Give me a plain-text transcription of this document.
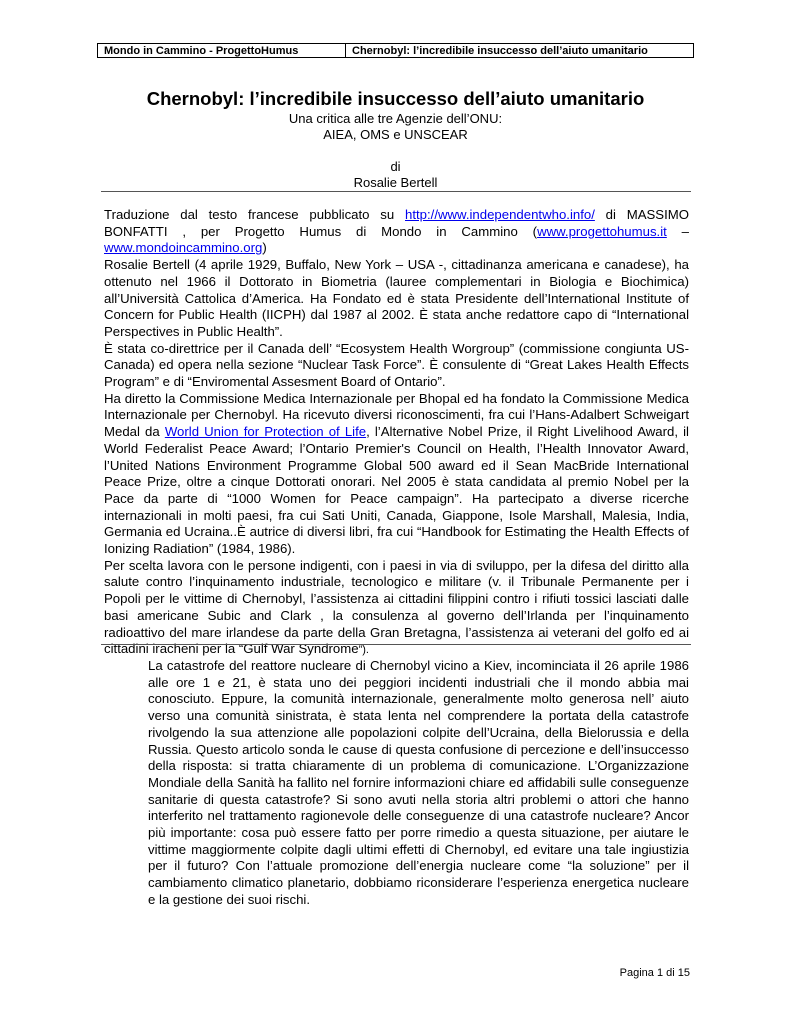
Mondo in Cammino - ProgettoHumus	Chernobyl: l’incredibile insuccesso dell’aiuto umanitario
Chernobyl: l’incredibile insuccesso dell’aiuto umanitario
Una critica alle tre Agenzie dell’ONU:
AIEA, OMS e UNSCEAR
di
Rosalie Bertell

Traduzione dal testo francese pubblicato su http://www.independentwho.info/ di MASSIMO BONFATTI , per Progetto Humus di Mondo in Cammino (www.progettohumus.it – www.mondoincammino.org)

Rosalie Bertell (4 aprile 1929, Buffalo, New York – USA -, cittadinanza americana e canadese), ha ottenuto nel 1966 il Dottorato in Biometria (lauree complementari in Biologia e Biochimica) all’Università Cattolica d’America. Ha Fondato ed è stata Presidente dell’International Institute of Concern for Public Health (IICPH) dal 1987 al 2002. È stata anche redattore capo di “International Perspectives in Public Health”.

È stata co-direttrice per il Canada dell’ “Ecosystem Health Worgroup” (commissione congiunta US-Canada) ed opera nella sezione “Nuclear Task Force”. È consulente di “Great Lakes Health Effects Program” e di “Enviromental Assesment Board of Ontario”.

Ha diretto la Commissione Medica Internazionale per Bhopal ed ha fondato la Commissione Medica Internazionale per Chernobyl. Ha ricevuto diversi riconoscimenti, fra cui l’Hans-Adalbert Schweigart Medal da World Union for Protection of Life, l’Alternative Nobel Prize, il Right Livelihood Award, il World Federalist Peace Award; l’Ontario Premier's Council on Health, l’Health Innovator Award, l’United Nations Environment Programme Global 500 award ed il Sean MacBride International Peace Prize, oltre a cinque Dottorati onorari. Nel 2005 è stata candidata al premio Nobel per la Pace da parte di “1000 Women for Peace campaign”. Ha partecipato a diverse ricerche internazionali in molti paesi, fra cui Sati Uniti, Canada, Giappone, Isole Marshall, Malesia, India, Germania ed Ucraina..È autrice di diversi libri, fra cui “Handbook for Estimating the Health Effects of Ionizing Radiation” (1984, 1986).

Per scelta lavora con le persone indigenti, con i paesi in via di sviluppo, per la difesa del diritto alla salute contro l’inquinamento industriale, tecnologico e militare (v. il Tribunale Permanente per i Popoli per le vittime di Chernobyl, l’assistenza ai cittadini filippini contro i rifiuti tossici lasciati dalle basi americane Subic and Clark , la consulenza al governo dell’Irlanda per l’inquinamento radioattivo del mare irlandese da parte della Gran Bretagna, l’assistenza ai veterani del golfo ed ai cittadini iracheni per la “Gulf War Syndrome”).

La catastrofe del reattore nucleare di Chernobyl vicino a Kiev, incominciata il 26 aprile 1986 alle ore 1 e 21, è stata uno dei peggiori incidenti industriali che il mondo abbia mai conosciuto. Eppure, la comunità internazionale, generalmente molto generosa nell’ aiuto verso una comunità sinistrata, è stata lenta nel comprendere la portata della catastrofe rivolgendo la sua attenzione alle popolazioni colpite dell’Ucraina, della Bielorussia e della Russia. Questo articolo sonda le cause di questa confusione di percezione e dell’insuccesso della risposta: si tratta chiaramente di un problema di comunicazione. L’Organizzazione Mondiale della Sanità ha fallito nel fornire informazioni chiare ed affidabili sulle conseguenze sanitarie di questa catastrofe? Si sono avuti nella storia altri problemi o attori che hanno interferito nel trattamento ragionevole delle conseguenze di una catastrofe nucleare? Ancor più importante: cosa può essere fatto per porre rimedio a questa situazione, per aiutare le vittime maggiormente colpite dagli ultimi effetti di Chernobyl, ed evitare una tale ingiustizia per il futuro? Con l’attuale promozione dell’energia nucleare come “la soluzione” per il cambiamento climatico planetario, dobbiamo riconsiderare l’esperienza energetica nucleare e la gestione dei suoi rischi.

Pagina 1 di 15
